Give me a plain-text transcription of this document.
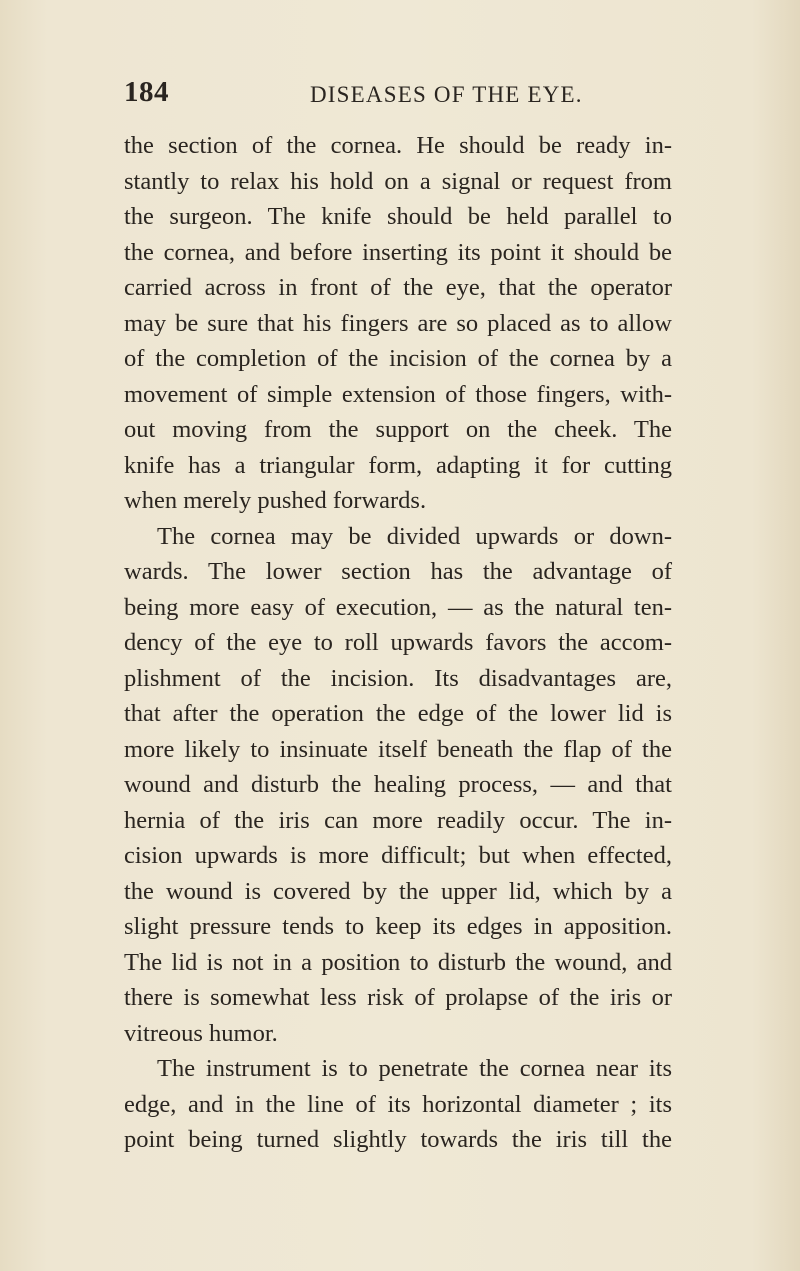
184	DISEASES OF THE EYE.
the section of the cornea. He should be ready in-
stantly to relax his hold on a signal or request from
the surgeon. The knife should be held parallel to
the cornea, and before inserting its point it should be
carried across in front of the eye, that the operator
may be sure that his fingers are so placed as to allow
of the completion of the incision of the cornea by a
movement of simple extension of those fingers, with-
out moving from the support on the cheek. The
knife has a triangular form, adapting it for cutting
when merely pushed forwards.
The cornea may be divided upwards or down-
wards. The lower section has the advantage of
being more easy of execution, — as the natural ten-
dency of the eye to roll upwards favors the accom-
plishment of the incision. Its disadvantages are,
that after the operation the edge of the lower lid is
more likely to insinuate itself beneath the flap of the
wound and disturb the healing process, — and that
hernia of the iris can more readily occur. The in-
cision upwards is more difficult; but when effected,
the wound is covered by the upper lid, which by a
slight pressure tends to keep its edges in apposition.
The lid is not in a position to disturb the wound, and
there is somewhat less risk of prolapse of the iris or
vitreous humor.
The instrument is to penetrate the cornea near its
edge, and in the line of its horizontal diameter ; its
point being turned slightly towards the iris till the
